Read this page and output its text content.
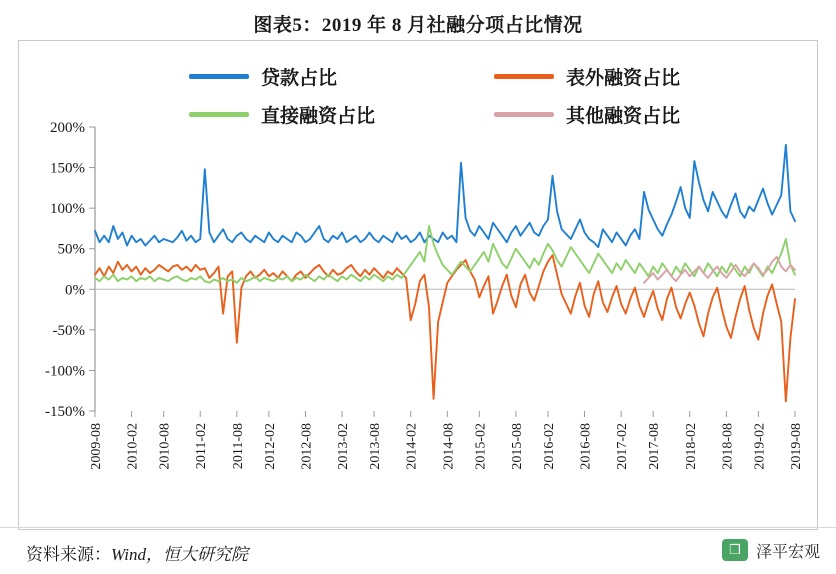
图表5：2019 年 8 月社融分项占比情况
贷款占比	表外融资占比
直接融资占比	其他融资占比
-150%
-100%
-50%
0%
50%
100%
150%
200%
2009-08 2010-02 2010-08 2011-02 2011-08 2012-02 2012-08 2013-02 2013-08 2014-02 2014-08 2015-02 2015-08 2016-02 2016-08 2017-02 2017-08 2018-02 2018-08 2019-02 2019-08
资料来源：Wind，恒大研究院	❒ 泽平宏观
